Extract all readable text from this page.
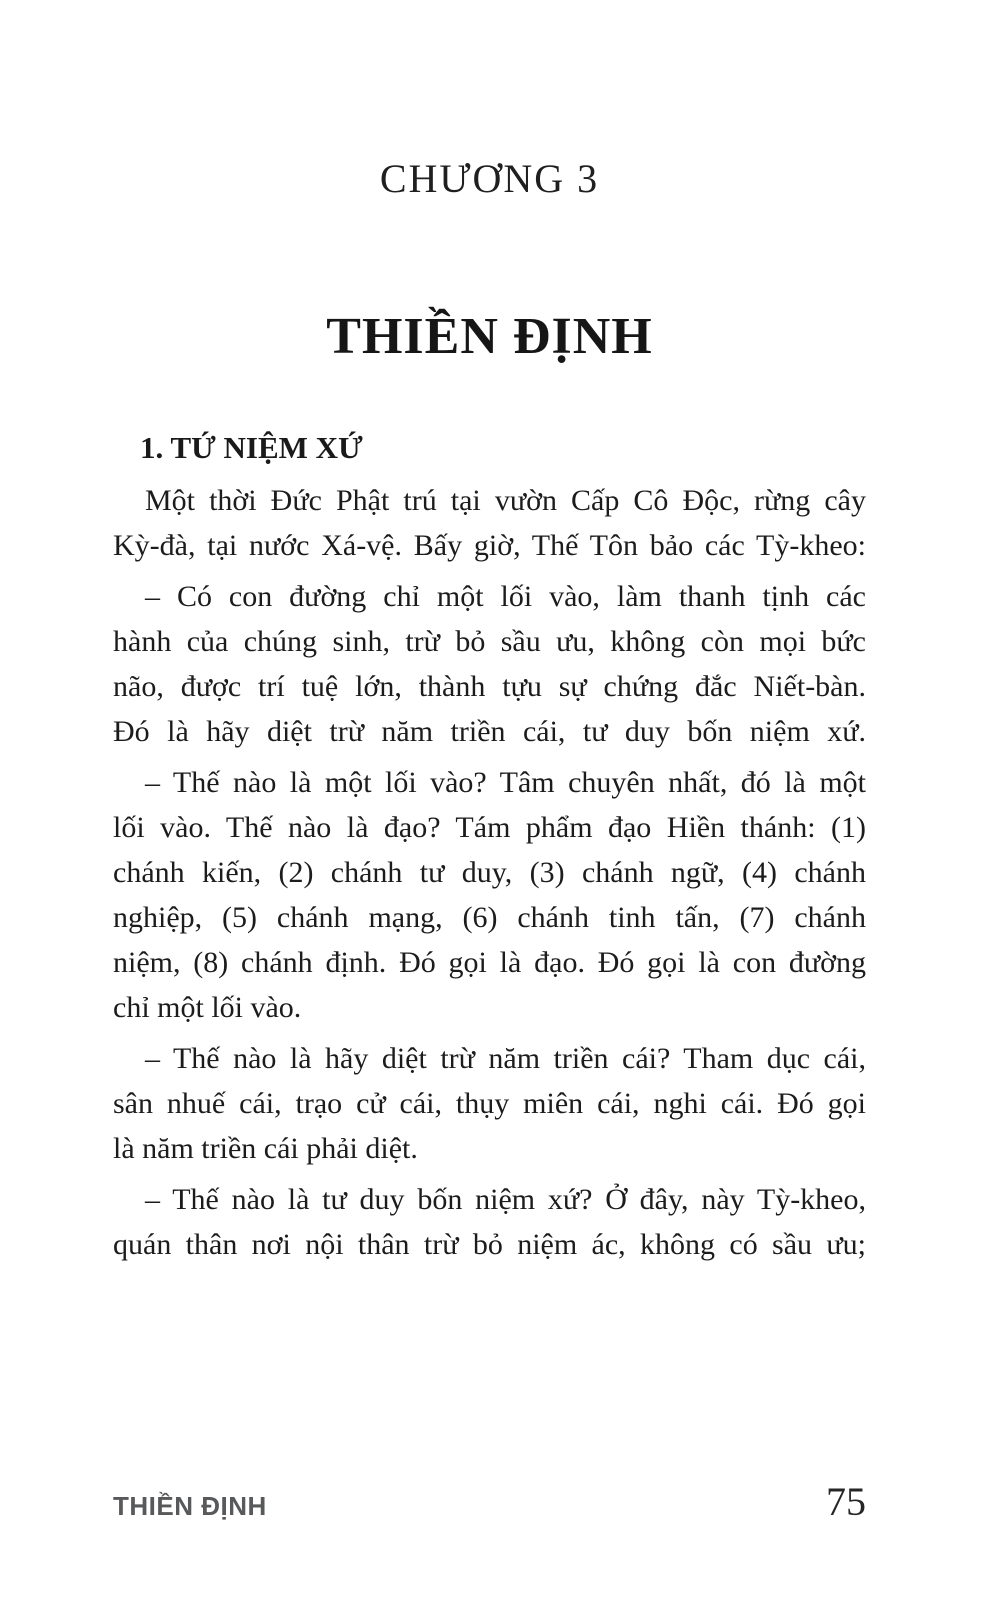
CHƯƠNG 3
THIỀN ĐỊNH
1. TỨ NIỆM XỨ
Một thời Đức Phật trú tại vườn Cấp Cô Độc, rừng cây
Kỳ-đà, tại nước Xá-vệ. Bấy giờ, Thế Tôn bảo các Tỳ-kheo:
– Có con đường chỉ một lối vào, làm thanh tịnh các
hành của chúng sinh, trừ bỏ sầu ưu, không còn mọi bức
não, được trí tuệ lớn, thành tựu sự chứng đắc Niết-bàn.
Đó là hãy diệt trừ năm triền cái, tư duy bốn niệm xứ.
– Thế nào là một lối vào? Tâm chuyên nhất, đó là một
lối vào. Thế nào là đạo? Tám phẩm đạo Hiền thánh: (1)
chánh kiến, (2) chánh tư duy, (3) chánh ngữ, (4) chánh
nghiệp, (5) chánh mạng, (6) chánh tinh tấn, (7) chánh
niệm, (8) chánh định. Đó gọi là đạo. Đó gọi là con đường
chỉ một lối vào.
– Thế nào là hãy diệt trừ năm triền cái? Tham dục cái,
sân nhuế cái, trạo cử cái, thụy miên cái, nghi cái. Đó gọi
là năm triền cái phải diệt.
– Thế nào là tư duy bốn niệm xứ? Ở đây, này Tỳ-kheo,
quán thân nơi nội thân trừ bỏ niệm ác, không có sầu ưu;
THIỀN ĐỊNH	75
